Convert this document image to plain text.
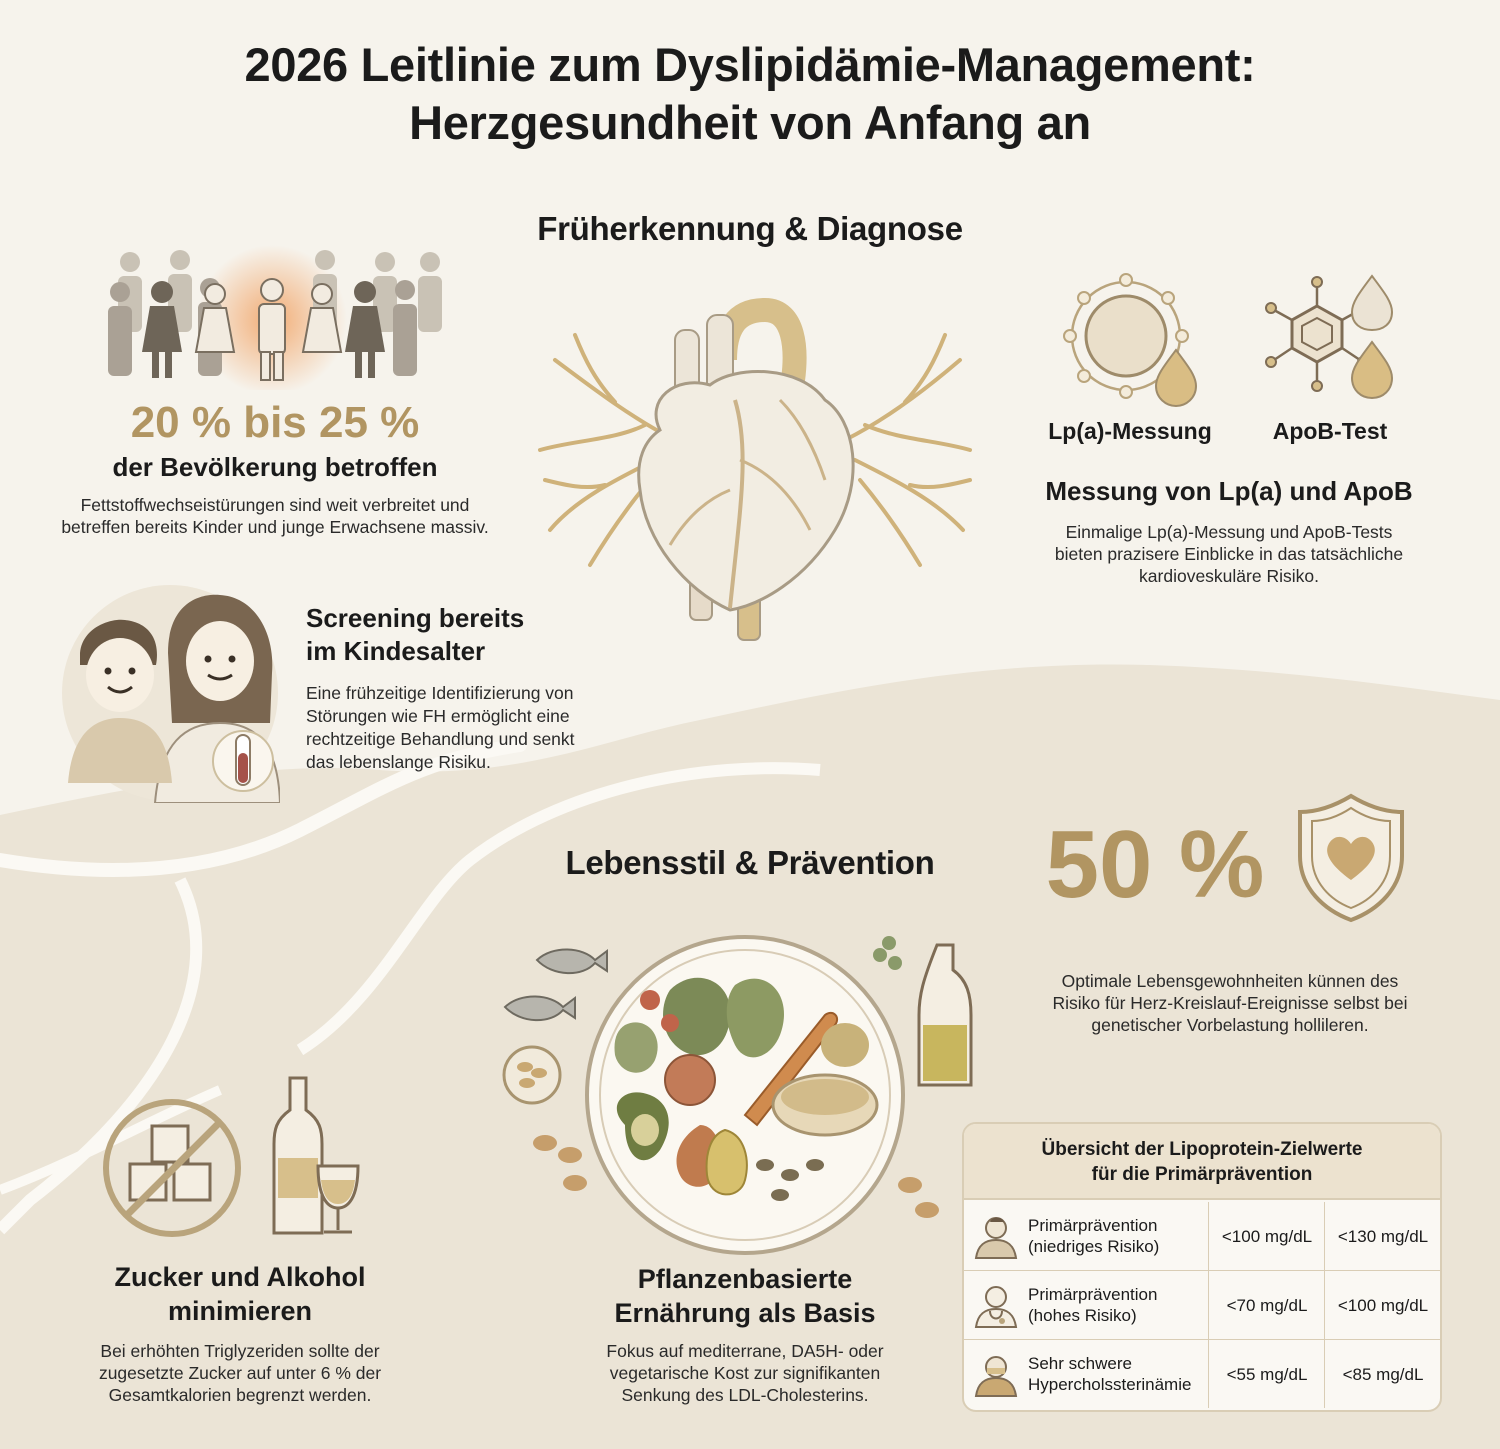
2026 Leitlinie zum Dyslipidämie-Management:
Herzgesundheit von Anfang an
Früherkennung & Diagnose
20 % bis 25 %
der Bevölkerung betroffen
Fettstoffwechseistürungen sind weit verbreitet und
betreffen bereits Kinder und junge Erwachsene massiv.
Screening bereits
im Kindesalter
Eine frühzeitige Identifizierung von
Störungen wie FH ermöglicht eine
rechtzeitige Behandlung und senkt
das lebenslange Risiku.
Lp(a)-Messung	ApoB-Test
Messung von Lp(a) und ApoB
Einmalige Lp(a)-Messung und ApoB-Tests
bieten prazisere Einblicke in das tatsächliche
kardioveskuläre Risiko.
Lebensstil & Prävention	50 %
Optimale Lebensgewohnheiten künnen des
Risiko für Herz-Kreislauf-Ereignisse selbst bei
genetischer Vorbelastung hollileren.
Zucker und Alkohol
minimieren
Bei erhöhten Triglyzeriden sollte der
zugesetzte Zucker auf unter 6 % der
Gesamtkalorien begrenzt werden.
Pflanzenbasierte
Ernährung als Basis
Fokus auf mediterrane, DA5H- oder
vegetarische Kost zur signifikanten
Senkung des LDL-Cholesterins.
Übersicht der Lipoprotein-Zielwerte
für die Primärprävention
Primärprävention
(niedriges Risiko)
<100 mg/dL	<130 mg/dL
Primärprävention
(hohes Risiko)
<70 mg/dL	<100 mg/dL
Sehr schwere
Hypercholssterinämie
<55 mg/dL	<85 mg/dL
